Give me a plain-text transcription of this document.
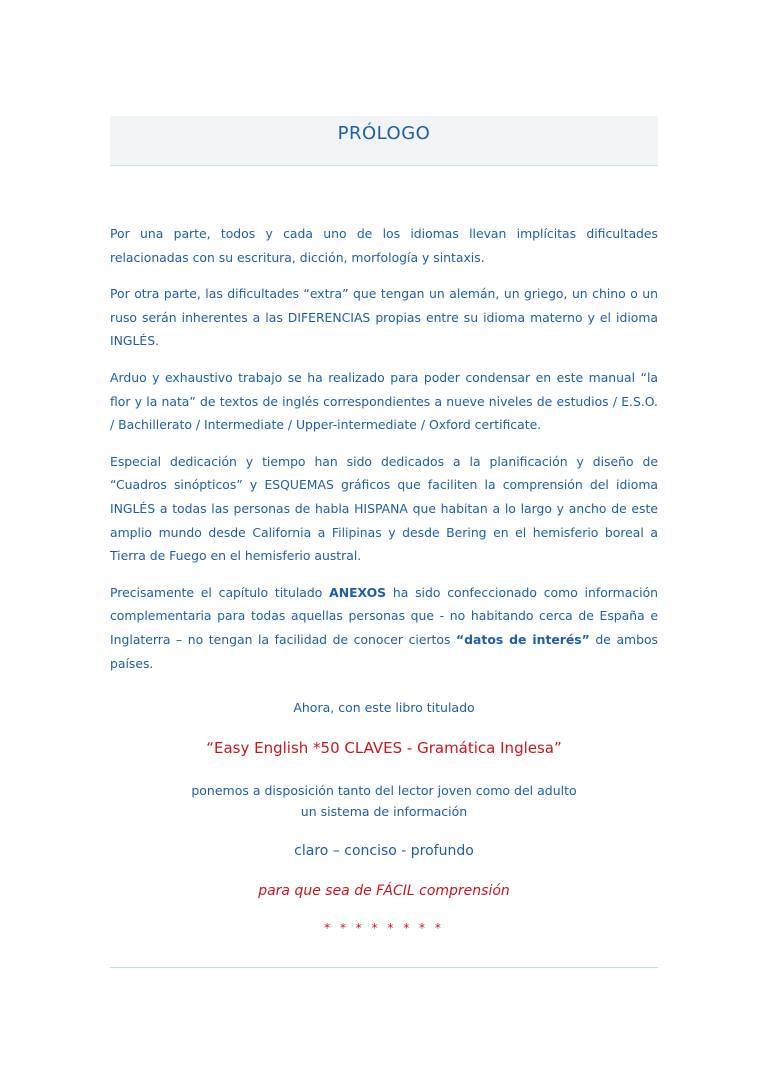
PRÓLOGO

Por una parte, todos y cada uno de los idiomas llevan implícitas dificultades relacionadas con su escritura, dicción, morfología y sintaxis.

Por otra parte, las dificultades “extra” que tengan un alemán, un griego, un chino o un ruso serán inherentes a las DIFERENCIAS propias entre su idioma materno y el idioma INGLÉS.

Arduo y exhaustivo trabajo se ha realizado para poder condensar en este manual “la flor y la nata” de textos de inglés correspondientes a nueve niveles de estudios / E.S.O. / Bachillerato / Intermediate / Upper-intermediate / Oxford certificate.

Especial dedicación y tiempo han sido dedicados a la planificación y diseño de “Cuadros sinópticos” y ESQUEMAS gráficos que faciliten la comprensión del idioma INGLÉS a todas las personas de habla HISPANA que habitan a lo largo y ancho de este amplio mundo desde California a Filipinas y desde Bering en el hemisferio boreal a Tierra de Fuego en el hemisferio austral.

Precisamente el capítulo titulado ANEXOS ha sido confeccionado como información complementaria para todas aquellas personas que - no habitando cerca de España e Inglaterra – no tengan la facilidad de conocer ciertos “datos de interés” de ambos países.

Ahora, con este libro titulado
“Easy English *50 CLAVES - Gramática Inglesa”
ponemos a disposición tanto del lector joven como del adulto
un sistema de información
claro – conciso - profundo
para que sea de FÁCIL comprensión
* * * * * * * *
